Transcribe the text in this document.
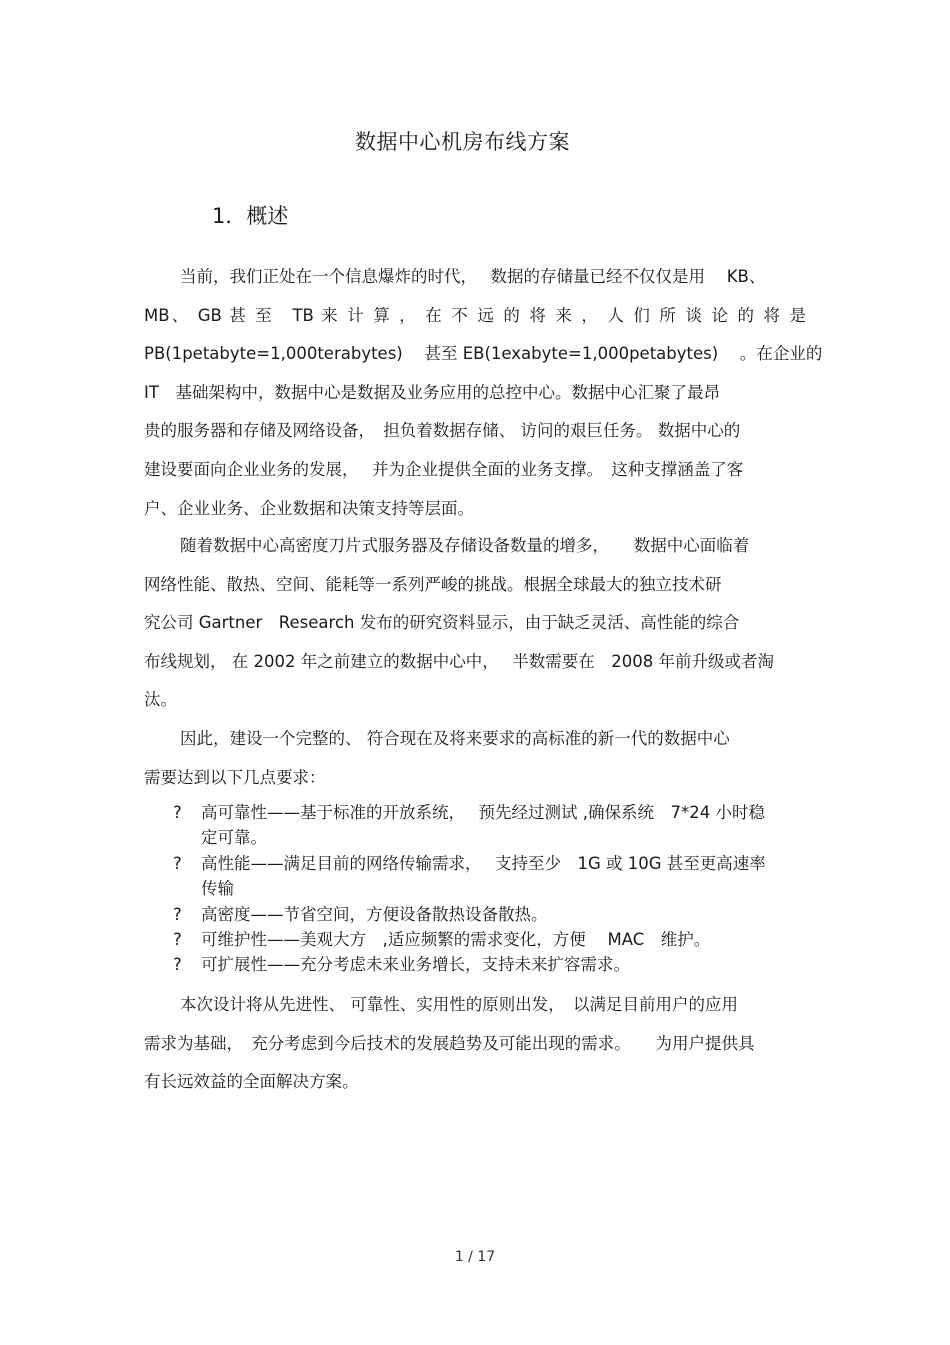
数据中心机房布线方案
1．概述
当前，我们正处在一个信息爆炸的时代，　 数据的存储量已经不仅仅是用　 KB、
MB、 GB 甚 至　TB 来 计 算 ， 在 不 远 的 将 来 ， 人 们 所 谈 论 的 将 是
PB(1petabyte=1,000terabytes)　 甚至 EB(1exabyte=1,000petabytes)　 。在企业的
IT　基础架构中，数据中心是数据及业务应用的总控中心。数据中心汇聚了最昂
贵的服务器和存储及网络设备，　担负着数据存储、 访问的艰巨任务。 数据中心的
建设要面向企业业务的发展，　 并为企业提供全面的业务支撑。　这种支撑涵盖了客
户、企业业务、企业数据和决策支持等层面。
随着数据中心高密度刀片式服务器及存储设备数量的增多，　　数据中心面临着
网络性能、散热、空间、能耗等一系列严峻的挑战。根据全球最大的独立技术研
究公司 Gartner　Research 发布的研究资料显示，由于缺乏灵活、高性能的综合
布线规划， 在 2002 年之前建立的数据中心中，　 半数需要在　2008 年前升级或者淘
汰。
因此，建设一个完整的、 符合现在及将来要求的高标准的新一代的数据中心
需要达到以下几点要求：
? 高可靠性——基于标准的开放系统，　 预先经过测试 ,确保系统　7*24 小时稳
定可靠。
? 高性能——满足目前的网络传输需求，　 支持至少　1G 或 10G 甚至更高速率
传输
? 高密度——节省空间，方便设备散热设备散热。
? 可维护性——美观大方　,适应频繁的需求变化，方便　 MAC　维护。
? 可扩展性——充分考虑未来业务增长，支持未来扩容需求。
本次设计将从先进性、 可靠性、实用性的原则出发，　以满足目前用户的应用
需求为基础，　充分考虑到今后技术的发展趋势及可能出现的需求。　　为用户提供具
有长远效益的全面解决方案。
1 / 17
